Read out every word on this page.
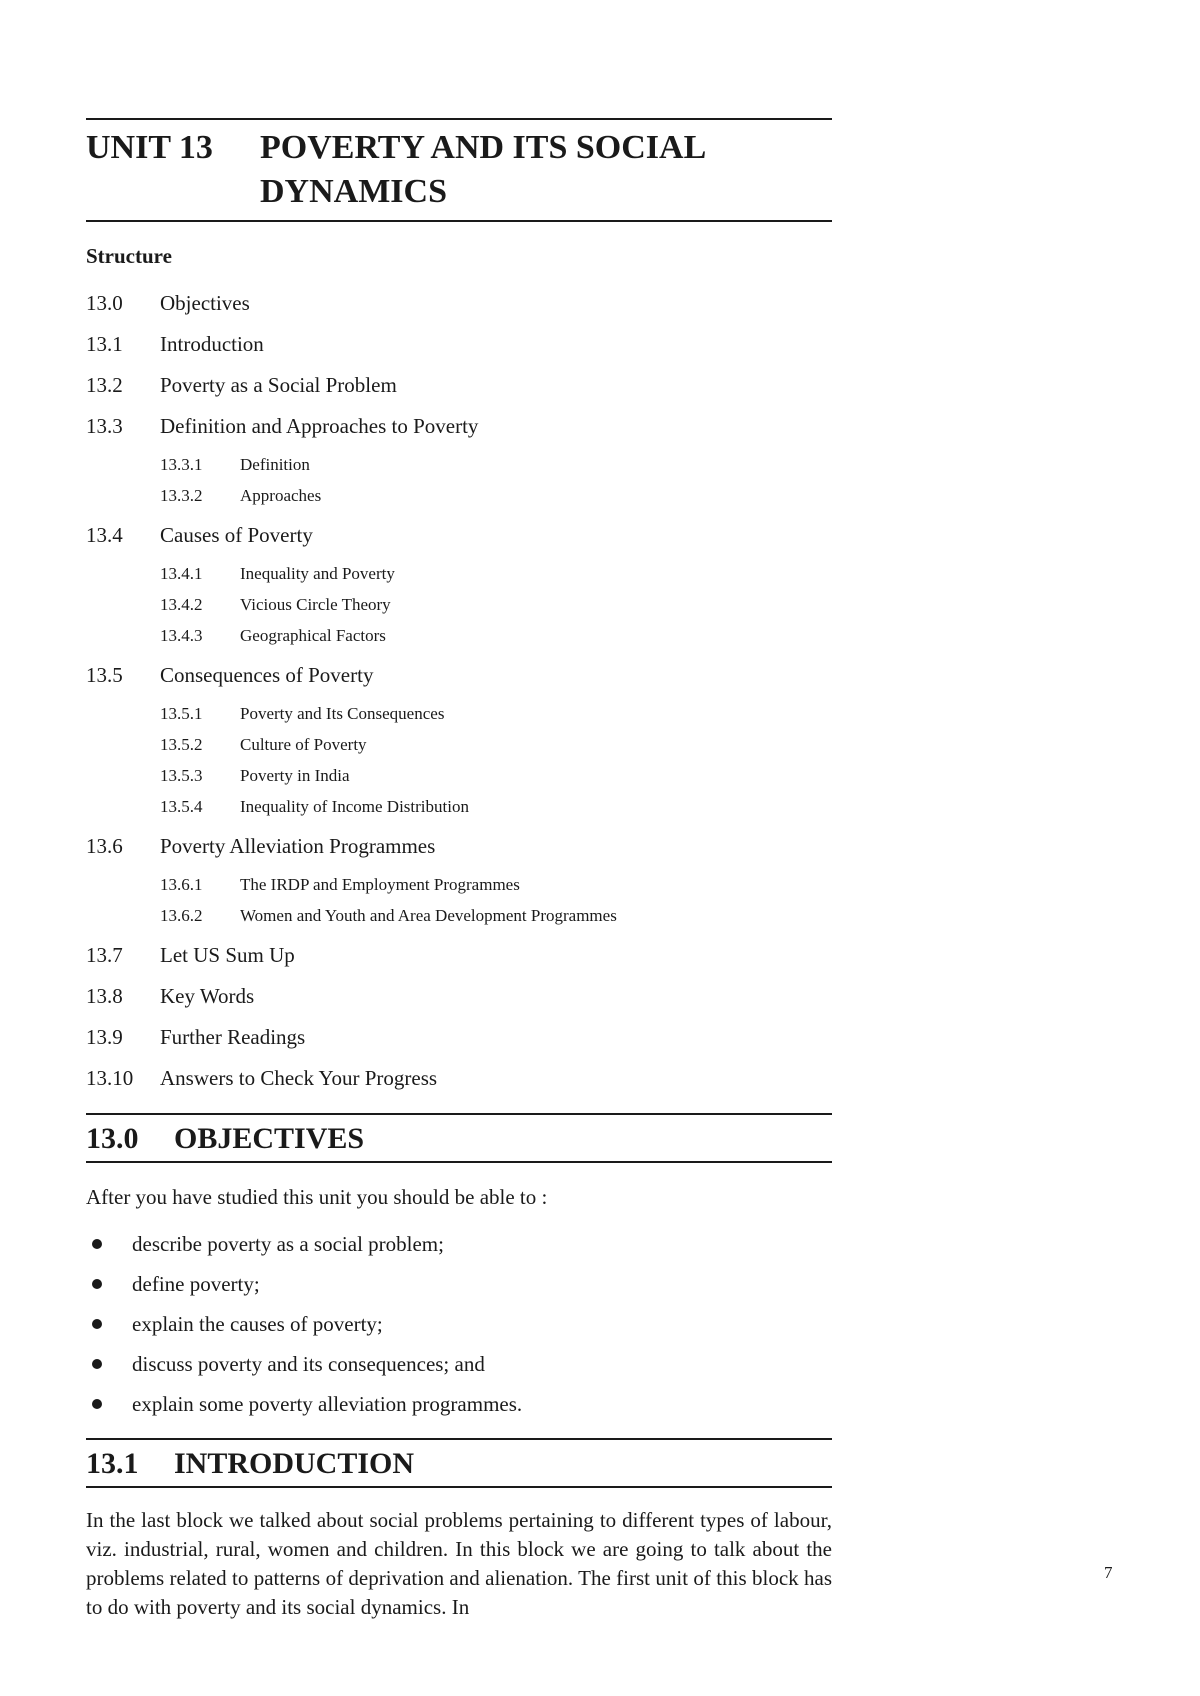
UNIT 13	POVERTY AND ITS SOCIAL DYNAMICS
Structure
13.0	Objectives
13.1	Introduction
13.2	Poverty as a Social Problem
13.3	Definition and Approaches to Poverty
13.3.1	Definition
13.3.2	Approaches
13.4	Causes of Poverty
13.4.1	Inequality and Poverty
13.4.2	Vicious Circle Theory
13.4.3	Geographical Factors
13.5	Consequences of Poverty
13.5.1	Poverty and Its Consequences
13.5.2	Culture of Poverty
13.5.3	Poverty in India
13.5.4	Inequality of Income Distribution
13.6	Poverty Alleviation Programmes
13.6.1	The IRDP and Employment Programmes
13.6.2	Women and Youth and Area Development Programmes
13.7	Let US Sum Up
13.8	Key Words
13.9	Further Readings
13.10	Answers to Check Your Progress
13.0	OBJECTIVES
After you have studied this unit you should be able to :
describe poverty as a social problem;
define poverty;
explain the causes of poverty;
discuss poverty and its consequences; and
explain some poverty alleviation programmes.
13.1	INTRODUCTION
In the last block we talked about social problems pertaining to different types of labour, viz. industrial, rural, women and children. In this block we are going to talk about the problems related to patterns of deprivation and alienation. The first unit of this block has to do with poverty and its social dynamics. In
7
